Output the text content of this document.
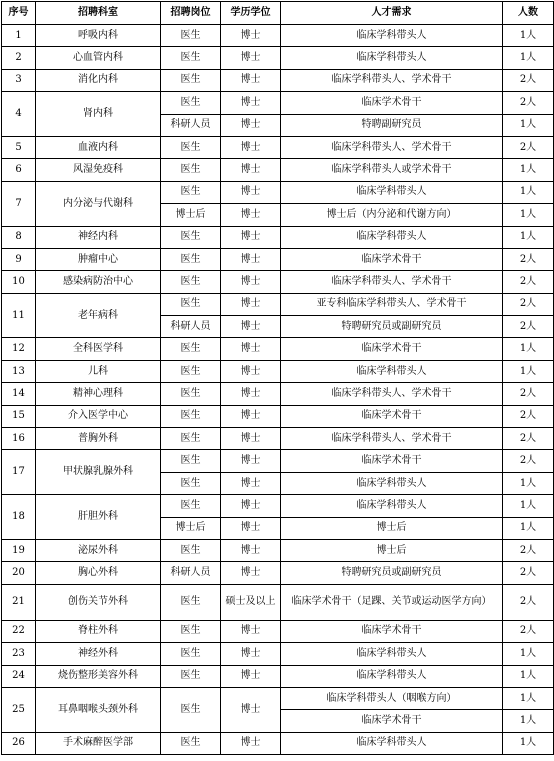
序号	招聘科室	招聘岗位	学历学位	人才需求	人数
1	呼吸内科	医生	博士	临床学科带头人	1人
2	心血管内科	医生	博士	临床学科带头人	1人
3	消化内科	医生	博士	临床学科带头人、学术骨干	2人
4	肾内科	医生	博士	临床学术骨干	2人
		科研人员	博士	特聘副研究员	1人
5	血液内科	医生	博士	临床学科带头人、学术骨干	2人
6	风湿免疫科	医生	博士	临床学科带头人或学术骨干	1人
7	内分泌与代谢科	医生	博士	临床学科带头人	1人
		博士后	博士	博士后（内分泌和代谢方向）	1人
8	神经内科	医生	博士	临床学科带头人	1人
9	肿瘤中心	医生	博士	临床学术骨干	2人
10	感染病防治中心	医生	博士	临床学科带头人、学术骨干	2人
11	老年病科	医生	博士	亚专科临床学科带头人、学术骨干	2人
		科研人员	博士	特聘研究员或副研究员	2人
12	全科医学科	医生	博士	临床学术骨干	1人
13	儿科	医生	博士	临床学科带头人	1人
14	精神心理科	医生	博士	临床学科带头人、学术骨干	2人
15	介入医学中心	医生	博士	临床学术骨干	2人
16	普胸外科	医生	博士	临床学科带头人、学术骨干	2人
17	甲状腺乳腺外科	医生	博士	临床学术骨干	2人
		医生	博士	临床学科带头人	1人
18	肝胆外科	医生	博士	临床学科带头人	1人
		博士后	博士	博士后	1人
19	泌尿外科	医生	博士	博士后	2人
20	胸心外科	科研人员	博士	特聘研究员或副研究员	2人
21	创伤关节外科	医生	硕士及以上	临床学术骨干（足踝、关节或运动医学方向）	2人
22	脊柱外科	医生	博士	临床学术骨干	2人
23	神经外科	医生	博士	临床学科带头人	1人
24	烧伤整形美容外科	医生	博士	临床学科带头人	1人
25	耳鼻咽喉头颈外科	医生	博士	临床学科带头人（咽喉方向）	1人
				临床学术骨干	1人
26	手术麻醉医学部	医生	博士	临床学科带头人	1人
